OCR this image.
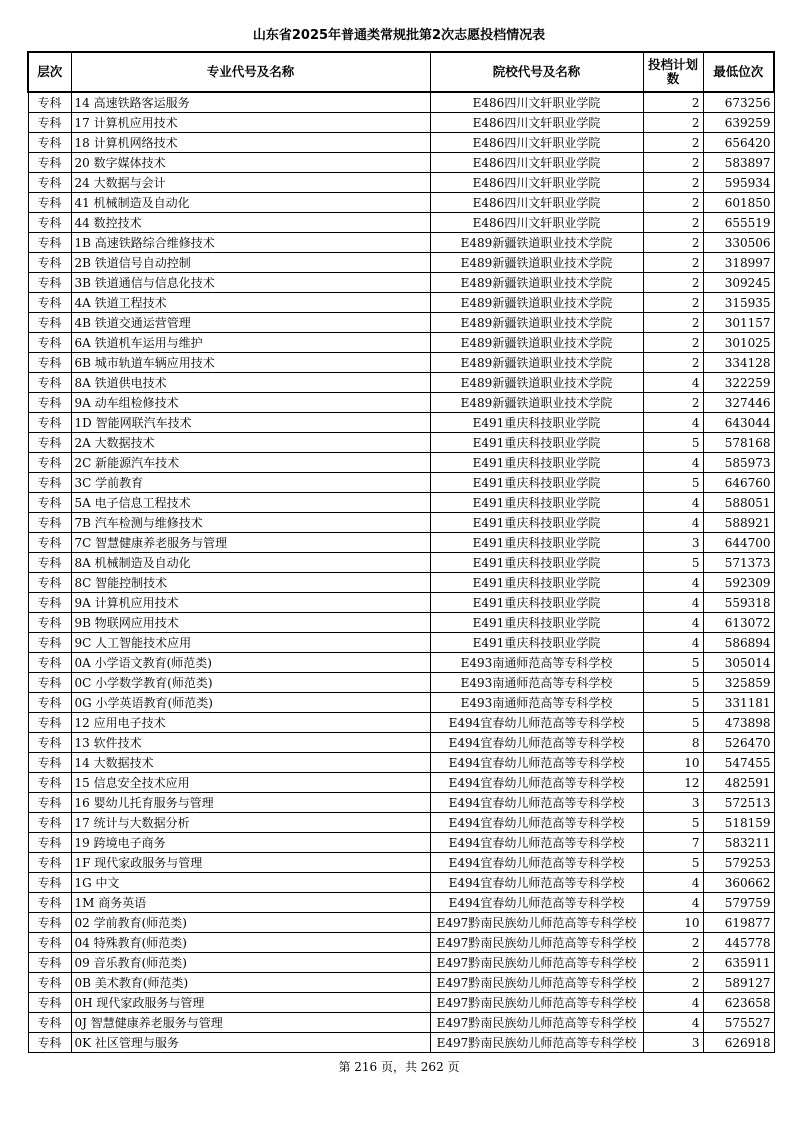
山东省2025年普通类常规批第2次志愿投档情况表
层次	专业代号及名称	院校代号及名称	投档计划数	最低位次
专科	14 高速铁路客运服务	E486四川文轩职业学院	2	673256
专科	17 计算机应用技术	E486四川文轩职业学院	2	639259
专科	18 计算机网络技术	E486四川文轩职业学院	2	656420
专科	20 数字媒体技术	E486四川文轩职业学院	2	583897
专科	24 大数据与会计	E486四川文轩职业学院	2	595934
专科	41 机械制造及自动化	E486四川文轩职业学院	2	601850
专科	44 数控技术	E486四川文轩职业学院	2	655519
专科	1B 高速铁路综合维修技术	E489新疆铁道职业技术学院	2	330506
专科	2B 铁道信号自动控制	E489新疆铁道职业技术学院	2	318997
专科	3B 铁道通信与信息化技术	E489新疆铁道职业技术学院	2	309245
专科	4A 铁道工程技术	E489新疆铁道职业技术学院	2	315935
专科	4B 铁道交通运营管理	E489新疆铁道职业技术学院	2	301157
专科	6A 铁道机车运用与维护	E489新疆铁道职业技术学院	2	301025
专科	6B 城市轨道车辆应用技术	E489新疆铁道职业技术学院	2	334128
专科	8A 铁道供电技术	E489新疆铁道职业技术学院	4	322259
专科	9A 动车组检修技术	E489新疆铁道职业技术学院	2	327446
专科	1D 智能网联汽车技术	E491重庆科技职业学院	4	643044
专科	2A 大数据技术	E491重庆科技职业学院	5	578168
专科	2C 新能源汽车技术	E491重庆科技职业学院	4	585973
专科	3C 学前教育	E491重庆科技职业学院	5	646760
专科	5A 电子信息工程技术	E491重庆科技职业学院	4	588051
专科	7B 汽车检测与维修技术	E491重庆科技职业学院	4	588921
专科	7C 智慧健康养老服务与管理	E491重庆科技职业学院	3	644700
专科	8A 机械制造及自动化	E491重庆科技职业学院	5	571373
专科	8C 智能控制技术	E491重庆科技职业学院	4	592309
专科	9A 计算机应用技术	E491重庆科技职业学院	4	559318
专科	9B 物联网应用技术	E491重庆科技职业学院	4	613072
专科	9C 人工智能技术应用	E491重庆科技职业学院	4	586894
专科	0A 小学语文教育(师范类)	E493南通师范高等专科学校	5	305014
专科	0C 小学数学教育(师范类)	E493南通师范高等专科学校	5	325859
专科	0G 小学英语教育(师范类)	E493南通师范高等专科学校	5	331181
专科	12 应用电子技术	E494宜春幼儿师范高等专科学校	5	473898
专科	13 软件技术	E494宜春幼儿师范高等专科学校	8	526470
专科	14 大数据技术	E494宜春幼儿师范高等专科学校	10	547455
专科	15 信息安全技术应用	E494宜春幼儿师范高等专科学校	12	482591
专科	16 婴幼儿托育服务与管理	E494宜春幼儿师范高等专科学校	3	572513
专科	17 统计与大数据分析	E494宜春幼儿师范高等专科学校	5	518159
专科	19 跨境电子商务	E494宜春幼儿师范高等专科学校	7	583211
专科	1F 现代家政服务与管理	E494宜春幼儿师范高等专科学校	5	579253
专科	1G 中文	E494宜春幼儿师范高等专科学校	4	360662
专科	1M 商务英语	E494宜春幼儿师范高等专科学校	4	579759
专科	02 学前教育(师范类)	E497黔南民族幼儿师范高等专科学校	10	619877
专科	04 特殊教育(师范类)	E497黔南民族幼儿师范高等专科学校	2	445778
专科	09 音乐教育(师范类)	E497黔南民族幼儿师范高等专科学校	2	635911
专科	0B 美术教育(师范类)	E497黔南民族幼儿师范高等专科学校	2	589127
专科	0H 现代家政服务与管理	E497黔南民族幼儿师范高等专科学校	4	623658
专科	0J 智慧健康养老服务与管理	E497黔南民族幼儿师范高等专科学校	4	575527
专科	0K 社区管理与服务	E497黔南民族幼儿师范高等专科学校	3	626918
第 216 页，共 262 页
